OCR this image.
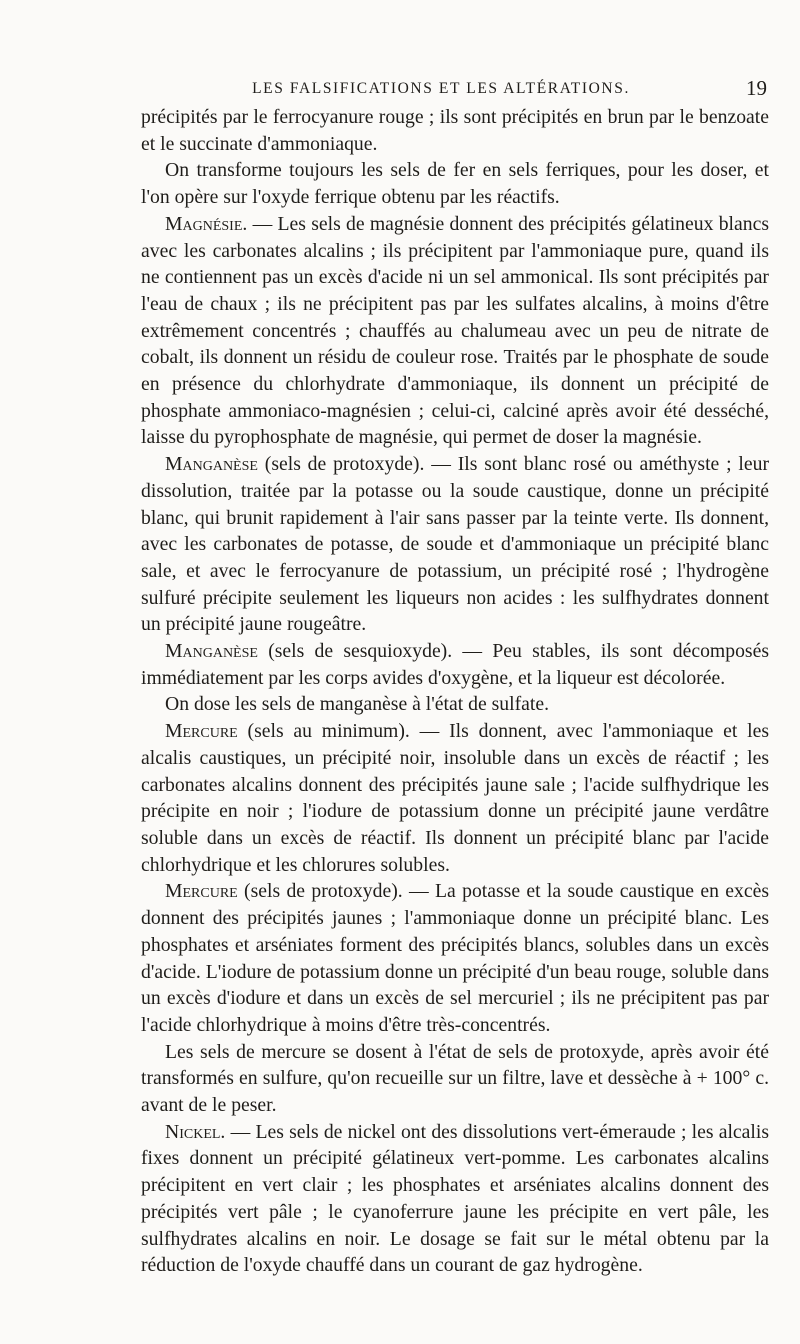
LES FALSIFICATIONS ET LES ALTÉRATIONS.	19

précipités par le ferrocyanure rouge ; ils sont précipités en brun par le benzoate et le succinate d'ammoniaque.

On transforme toujours les sels de fer en sels ferriques, pour les doser, et l'on opère sur l'oxyde ferrique obtenu par les réactifs.

Magnésie. — Les sels de magnésie donnent des précipités gélatineux blancs avec les carbonates alcalins ; ils précipitent par l'ammoniaque pure, quand ils ne contiennent pas un excès d'acide ni un sel ammonical. Ils sont précipités par l'eau de chaux ; ils ne précipitent pas par les sulfates alcalins, à moins d'être extrêmement concentrés ; chauffés au chalumeau avec un peu de nitrate de cobalt, ils donnent un résidu de couleur rose. Traités par le phosphate de soude en présence du chlorhydrate d'ammoniaque, ils donnent un précipité de phosphate ammoniaco-magnésien ; celui-ci, calciné après avoir été desséché, laisse du pyrophosphate de magnésie, qui permet de doser la magnésie.

Manganèse (sels de protoxyde). — Ils sont blanc rosé ou améthyste ; leur dissolution, traitée par la potasse ou la soude caustique, donne un précipité blanc, qui brunit rapidement à l'air sans passer par la teinte verte. Ils donnent, avec les carbonates de potasse, de soude et d'ammoniaque un précipité blanc sale, et avec le ferrocyanure de potassium, un précipité rosé ; l'hydrogène sulfuré précipite seulement les liqueurs non acides : les sulfhydrates donnent un précipité jaune rougeâtre.

Manganèse (sels de sesquioxyde). — Peu stables, ils sont décomposés immédiatement par les corps avides d'oxygène, et la liqueur est décolorée.

On dose les sels de manganèse à l'état de sulfate.

Mercure (sels au minimum). — Ils donnent, avec l'ammoniaque et les alcalis caustiques, un précipité noir, insoluble dans un excès de réactif ; les carbonates alcalins donnent des précipités jaune sale ; l'acide sulfhydrique les précipite en noir ; l'iodure de potassium donne un précipité jaune verdâtre soluble dans un excès de réactif. Ils donnent un précipité blanc par l'acide chlorhydrique et les chlorures solubles.

Mercure (sels de protoxyde). — La potasse et la soude caustique en excès donnent des précipités jaunes ; l'ammoniaque donne un précipité blanc. Les phosphates et arséniates forment des précipités blancs, solubles dans un excès d'acide. L'iodure de potassium donne un précipité d'un beau rouge, soluble dans un excès d'iodure et dans un excès de sel mercuriel ; ils ne précipitent pas par l'acide chlorhydrique à moins d'être très-concentrés.

Les sels de mercure se dosent à l'état de sels de protoxyde, après avoir été transformés en sulfure, qu'on recueille sur un filtre, lave et dessèche à + 100° c. avant de le peser.

Nickel. — Les sels de nickel ont des dissolutions vert-émeraude ; les alcalis fixes donnent un précipité gélatineux vert-pomme. Les carbonates alcalins précipitent en vert clair ; les phosphates et arséniates alcalins donnent des précipités vert pâle ; le cyanoferrure jaune les précipite en vert pâle, les sulfhydrates alcalins en noir. Le dosage se fait sur le métal obtenu par la réduction de l'oxyde chauffé dans un courant de gaz hydrogène.
